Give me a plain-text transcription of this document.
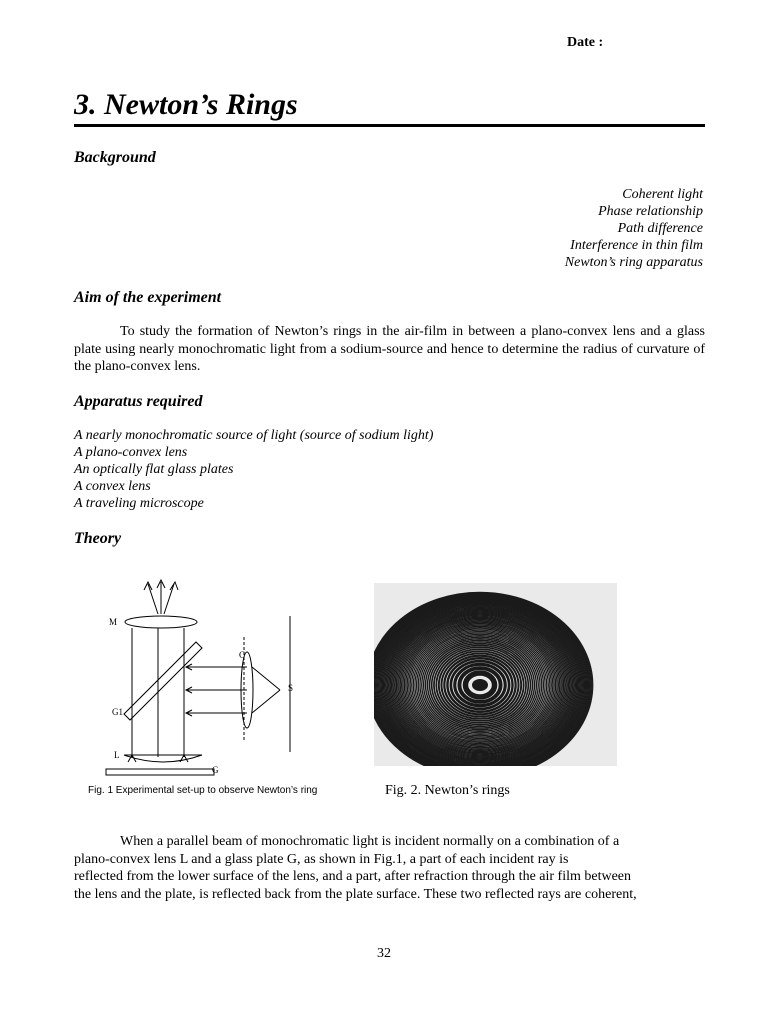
Date :
3. Newton’s Rings
Background
Coherent light
Phase relationship
Path difference
Interference in thin film
Newton’s ring apparatus
Aim of the experiment

To study the formation of Newton’s rings in the air-film in between a plano-convex lens and a glass plate using nearly monochromatic light from a sodium-source and hence to determine the radius of curvature of the plano-convex lens.

Apparatus required
A nearly monochromatic source of light (source of sodium light)
A plano-convex lens
An optically flat glass plates
A convex lens
A traveling microscope
Theory
M
G1
L
G
C
S
Fig. 1 Experimental set-up to observe Newton’s ring	Fig. 2. Newton’s rings

When a parallel beam of monochromatic light is incident normally on a combination of a
plano-convex lens L and a glass plate G, as shown in Fig.1, a part of each incident ray is
reflected from the lower surface of the lens, and a part, after refraction through the air film between
the lens and the plate, is reflected back from the plate surface. These two reflected rays are coherent,

32
